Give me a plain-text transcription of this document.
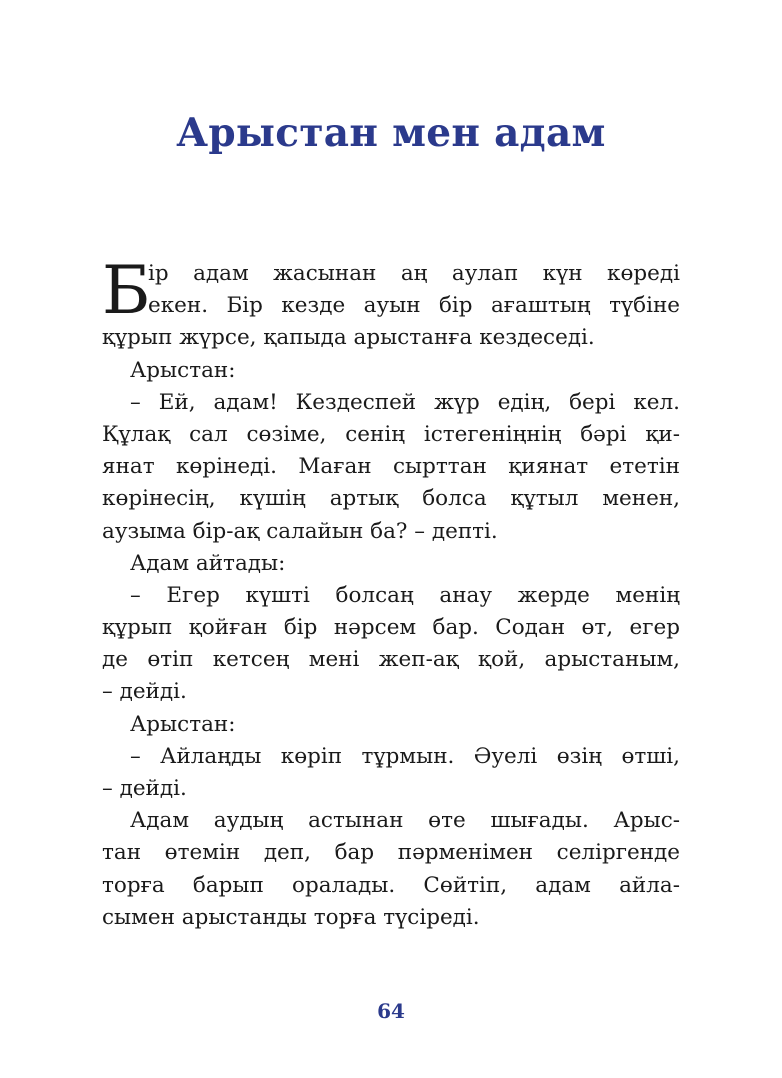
Арыстан мен адам
Б
ір адам жасынан аң аулап күн көреді
екен. Бір кезде ауын бір ағаштың түбіне
құрып жүрсе, қапыда арыстанға кездеседі.
Арыстан:
– Ей, адам! Кездеспей жүр едің, бері кел.
Құлақ сал сөзіме, сенің істегеніңнің бәрі қи-
янат көрінеді. Маған сырттан қиянат ететін
көрінесің, күшің артық болса құтыл менен,
аузыма бір-ақ салайын ба? – депті.
Адам айтады:
– Егер күшті болсаң анау жерде менің
құрып қойған бір нәрсем бар. Содан өт, егер
де өтіп кетсең мені жеп-ақ қой, арыстаным,
– дейді.
Арыстан:
– Айлаңды көріп тұрмын. Әуелі өзің өтші,
– дейді.
Адам аудың астынан өте шығады. Арыс-
тан өтемін деп, бар пәрменімен селіргенде
торға барып оралады. Сөйтіп, адам айла-
сымен арыстанды торға түсіреді.
64
